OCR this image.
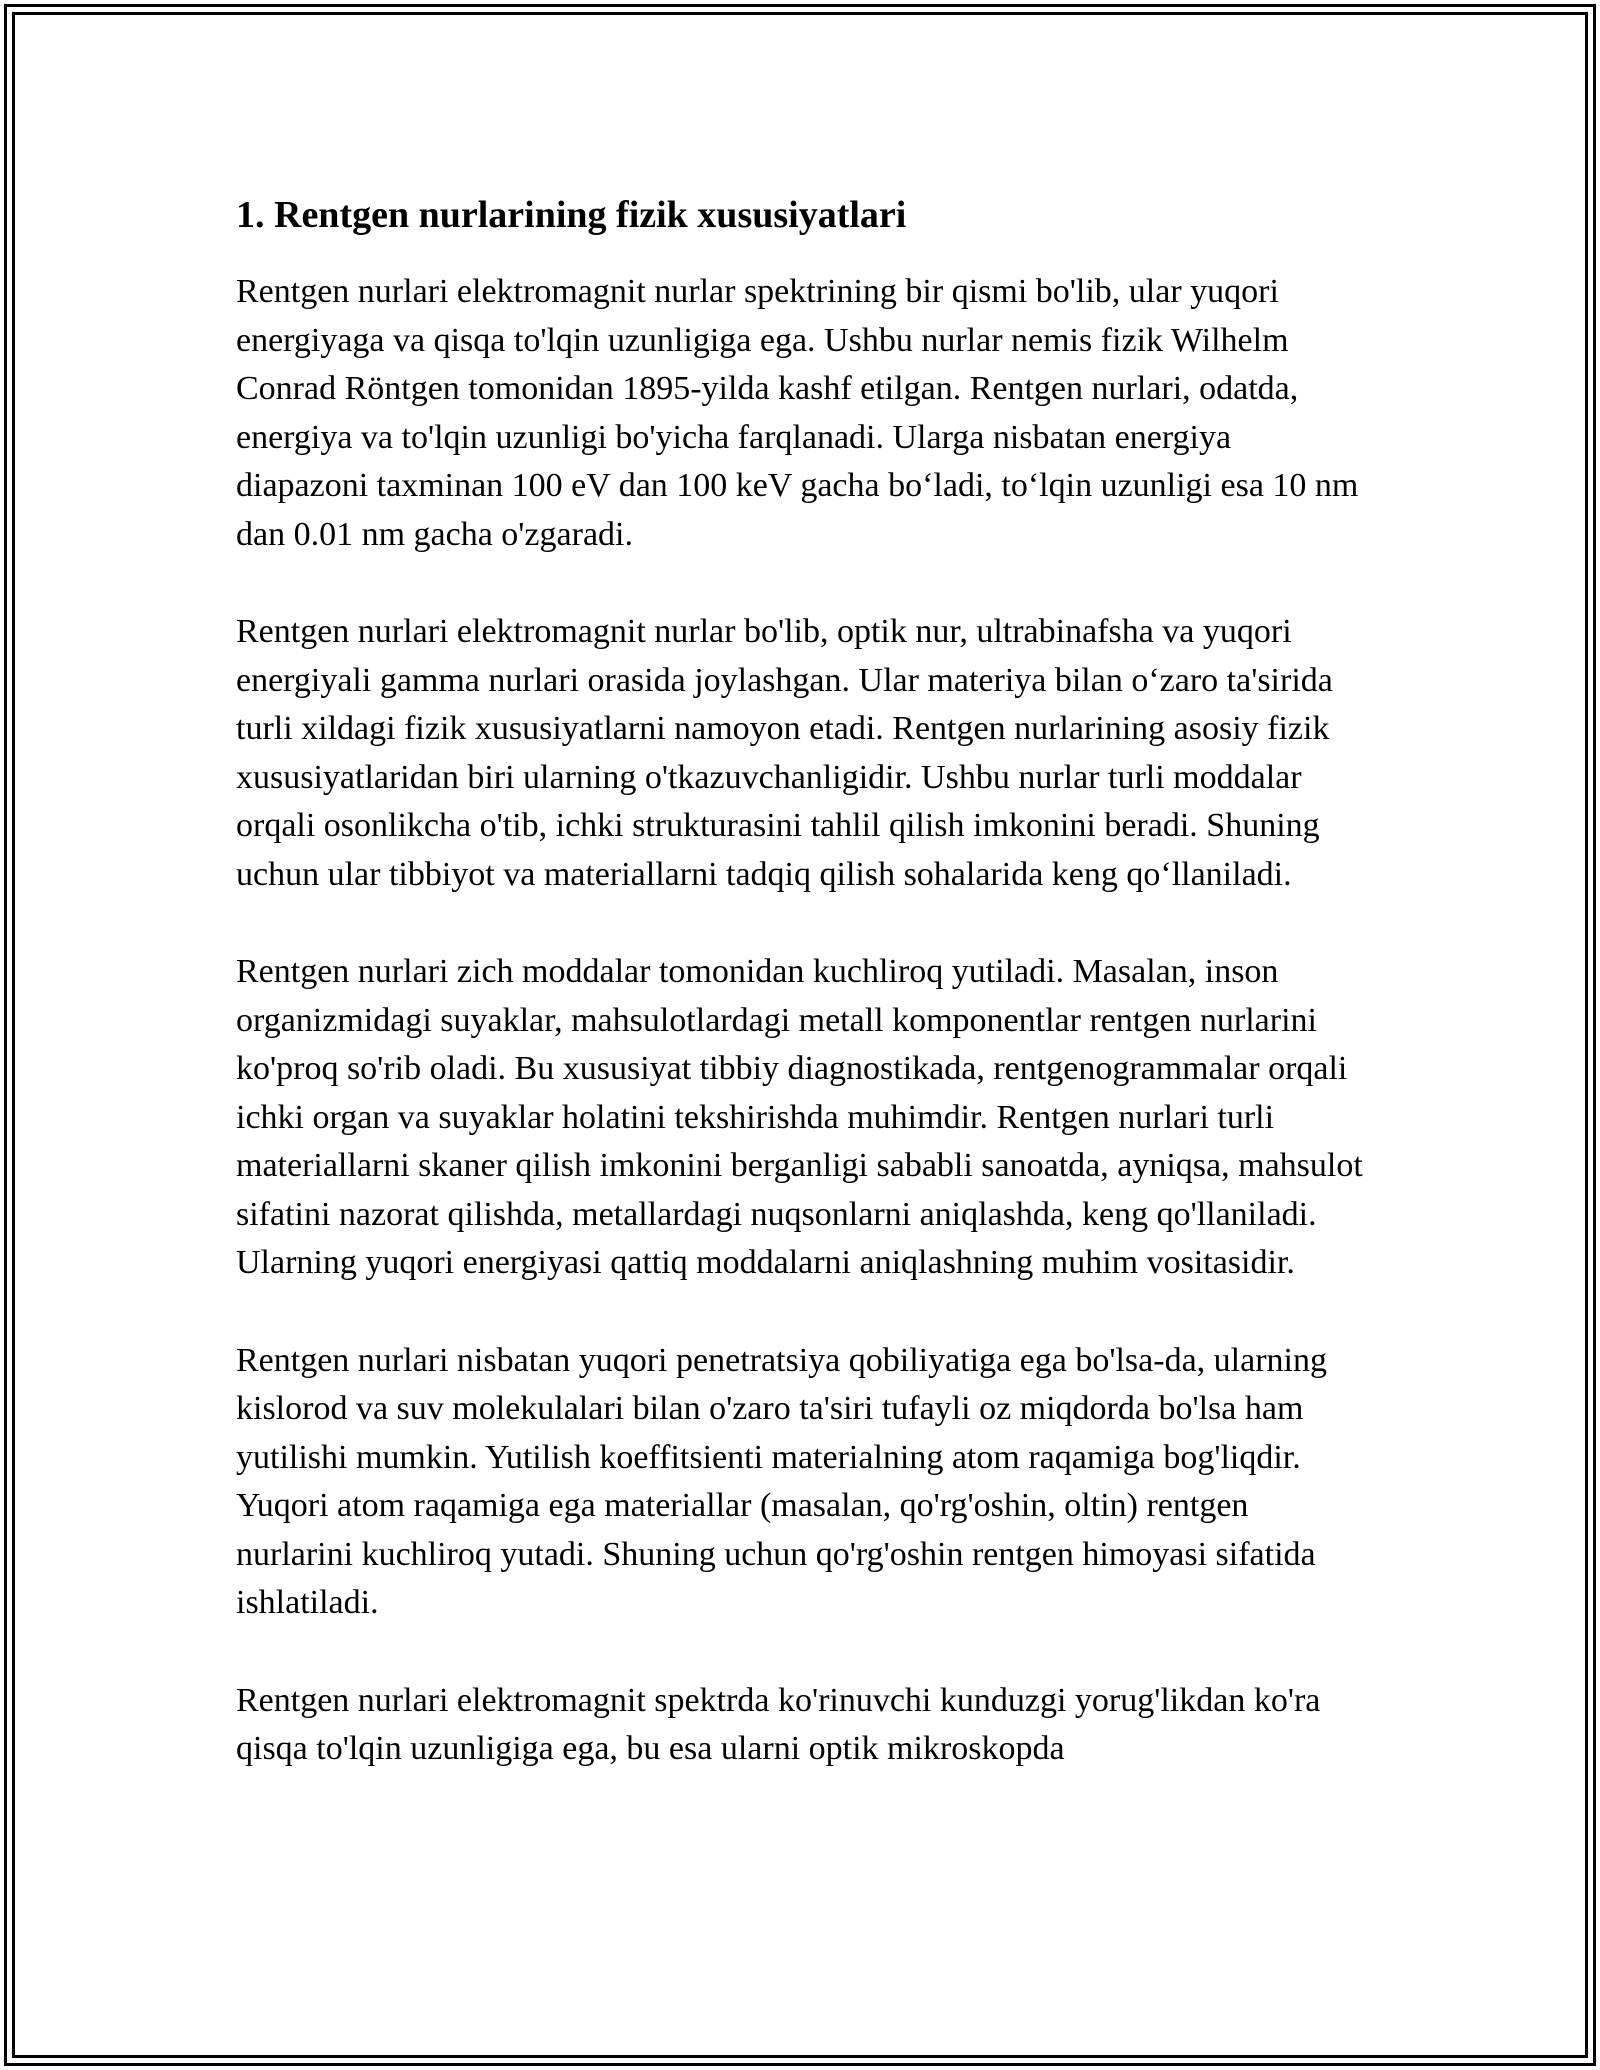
1. Rentgen nurlarining fizik xususiyatlari

Rentgen nurlari elektromagnit nurlar spektrining bir qismi bo'lib, ular yuqori energiyaga va qisqa to'lqin uzunligiga ega. Ushbu nurlar nemis fizik Wilhelm Conrad Röntgen tomonidan 1895-yilda kashf etilgan. Rentgen nurlari, odatda, energiya va to'lqin uzunligi bo'yicha farqlanadi. Ularga nisbatan energiya diapazoni taxminan 100 eV dan 100 keV gacha bo‘ladi, to‘lqin uzunligi esa 10 nm dan 0.01 nm gacha o'zgaradi.

Rentgen nurlari elektromagnit nurlar bo'lib, optik nur, ultrabinafsha va yuqori energiyali gamma nurlari orasida joylashgan. Ular materiya bilan o‘zaro ta'sirida turli xildagi fizik xususiyatlarni namoyon etadi. Rentgen nurlarining asosiy fizik xususiyatlaridan biri ularning o'tkazuvchanligidir. Ushbu nurlar turli moddalar orqali osonlikcha o'tib, ichki strukturasini tahlil qilish imkonini beradi. Shuning uchun ular tibbiyot va materiallarni tadqiq qilish sohalarida keng qo‘llaniladi.

Rentgen nurlari zich moddalar tomonidan kuchliroq yutiladi. Masalan, inson organizmidagi suyaklar, mahsulotlardagi metall komponentlar rentgen nurlarini ko'proq so'rib oladi. Bu xususiyat tibbiy diagnostikada, rentgenogrammalar orqali ichki organ va suyaklar holatini tekshirishda muhimdir. Rentgen nurlari turli materiallarni skaner qilish imkonini berganligi sababli sanoatda, ayniqsa, mahsulot sifatini nazorat qilishda, metallardagi nuqsonlarni aniqlashda, keng qo'llaniladi. Ularning yuqori energiyasi qattiq moddalarni aniqlashning muhim vositasidir.

Rentgen nurlari nisbatan yuqori penetratsiya qobiliyatiga ega bo'lsa-da, ularning kislorod va suv molekulalari bilan o'zaro ta'siri tufayli oz miqdorda bo'lsa ham yutilishi mumkin. Yutilish koeffitsienti materialning atom raqamiga bog'liqdir. Yuqori atom raqamiga ega materiallar (masalan, qo'rg'oshin, oltin) rentgen nurlarini kuchliroq yutadi. Shuning uchun qo'rg'oshin rentgen himoyasi sifatida ishlatiladi.

Rentgen nurlari elektromagnit spektrda ko'rinuvchi kunduzgi yorug'likdan ko'ra qisqa to'lqin uzunligiga ega, bu esa ularni optik mikroskopda
